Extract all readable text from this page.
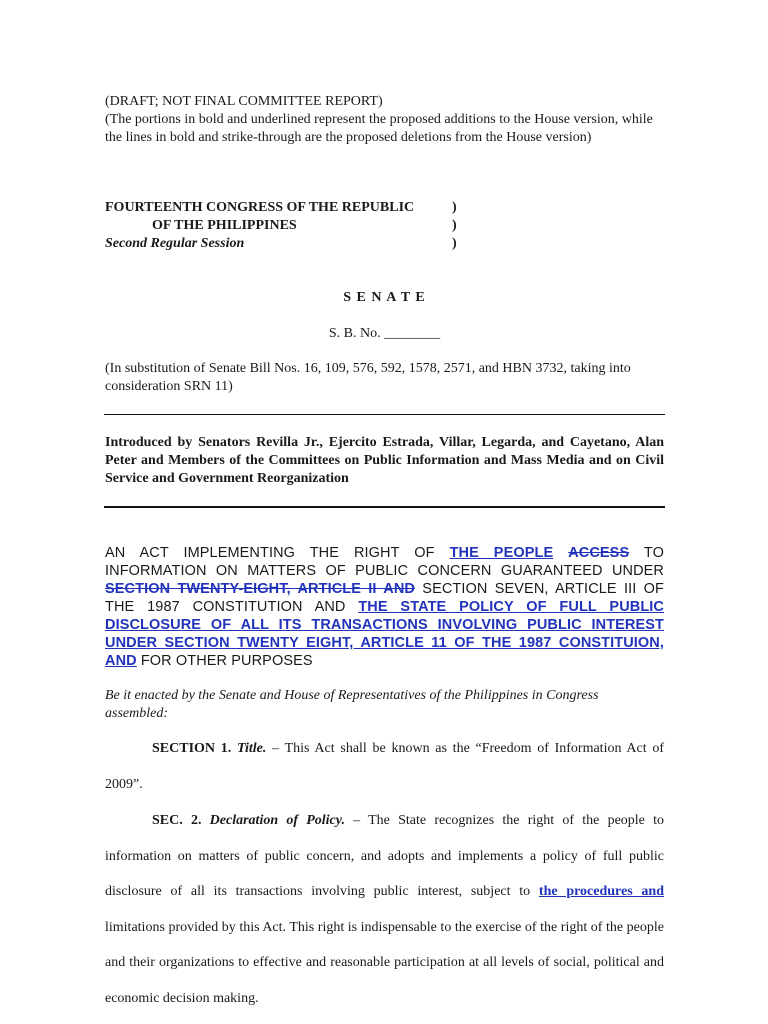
(DRAFT; NOT FINAL COMMITTEE REPORT)
(The portions in bold and underlined represent the proposed additions to the House version, while the lines in bold and strike-through are the proposed deletions from the House version)
FOURTEENTH CONGRESS OF THE REPUBLIC	)
OF THE PHILIPPINES	)
Second Regular Session	)
S E N A T E
S. B. No. ________
(In substitution of Senate Bill Nos. 16, 109, 576, 592, 1578, 2571, and HBN 3732, taking into consideration SRN 11)
Introduced by Senators Revilla Jr., Ejercito Estrada, Villar, Legarda, and Cayetano, Alan Peter and Members of the Committees on Public Information and Mass Media and on Civil Service and Government Reorganization
AN ACT IMPLEMENTING THE RIGHT OF THE PEOPLE ACCESS TO INFORMATION ON MATTERS OF PUBLIC CONCERN GUARANTEED UNDER SECTION TWENTY-EIGHT, ARTICLE II AND SECTION SEVEN, ARTICLE III OF THE 1987 CONSTITUTION AND THE STATE POLICY OF FULL PUBLIC DISCLOSURE OF ALL ITS TRANSACTIONS INVOLVING PUBLIC INTEREST UNDER SECTION TWENTY EIGHT, ARTICLE 11 OF THE 1987 CONSTITUION, AND FOR OTHER PURPOSES
Be it enacted by the Senate and House of Representatives of the Philippines in Congress assembled:
SECTION 1. Title. – This Act shall be known as the “Freedom of Information Act of 2009”.
SEC. 2. Declaration of Policy. – The State recognizes the right of the people to information on matters of public concern, and adopts and implements a policy of full public disclosure of all its transactions involving public interest, subject to the procedures and limitations provided by this Act. This right is indispensable to the exercise of the right of the people and their organizations to effective and reasonable participation at all levels of social, political and economic decision making.
